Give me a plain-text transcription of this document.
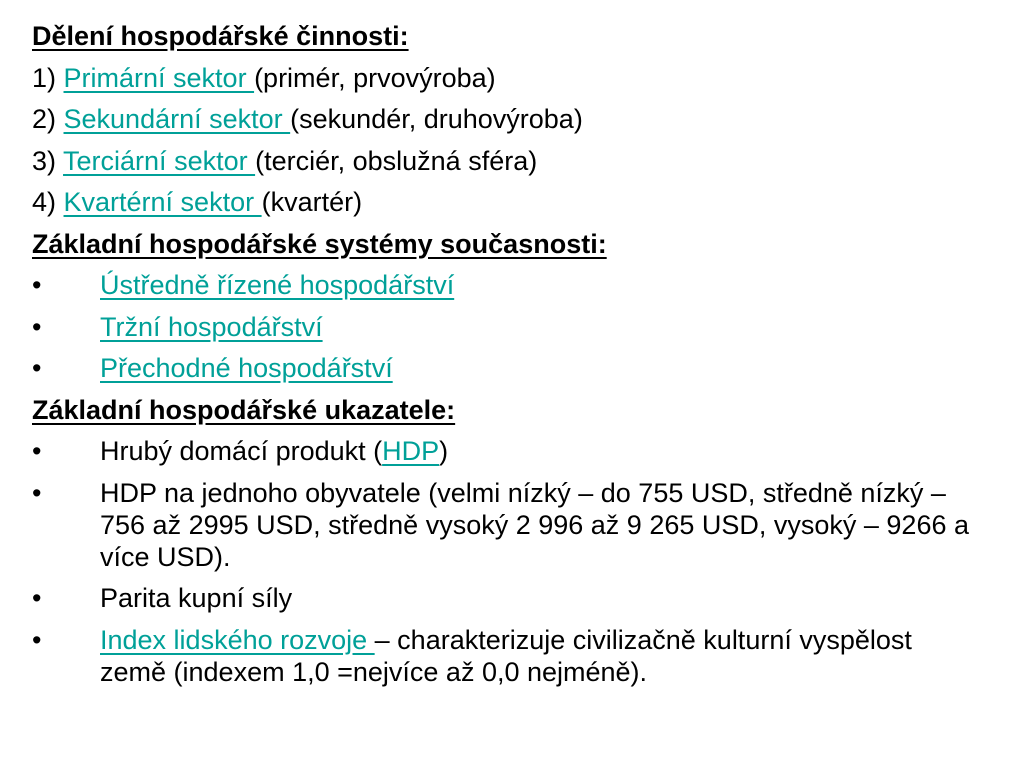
Dělení hospodářské činnosti:
1) Primární sektor (primér, prvovýroba)
2) Sekundární sektor (sekundér, druhovýroba)
3) Terciární sektor (terciér, obslužná sféra)
4) Kvartérní sektor (kvartér)
Základní hospodářské systémy současnosti:
• Ústředně řízené hospodářství
• Tržní hospodářství
• Přechodné hospodářství
Základní hospodářské ukazatele:
• Hrubý domácí produkt (HDP)
• HDP na jednoho obyvatele (velmi nízký – do 755 USD, středně nízký – 756 až 2995 USD, středně vysoký 2 996 až 9 265 USD, vysoký – 9266 a více USD).
• Parita kupní síly
• Index lidského rozvoje – charakterizuje civilizačně kulturní vyspělost země (indexem 1,0 =nejvíce až 0,0 nejméně).
